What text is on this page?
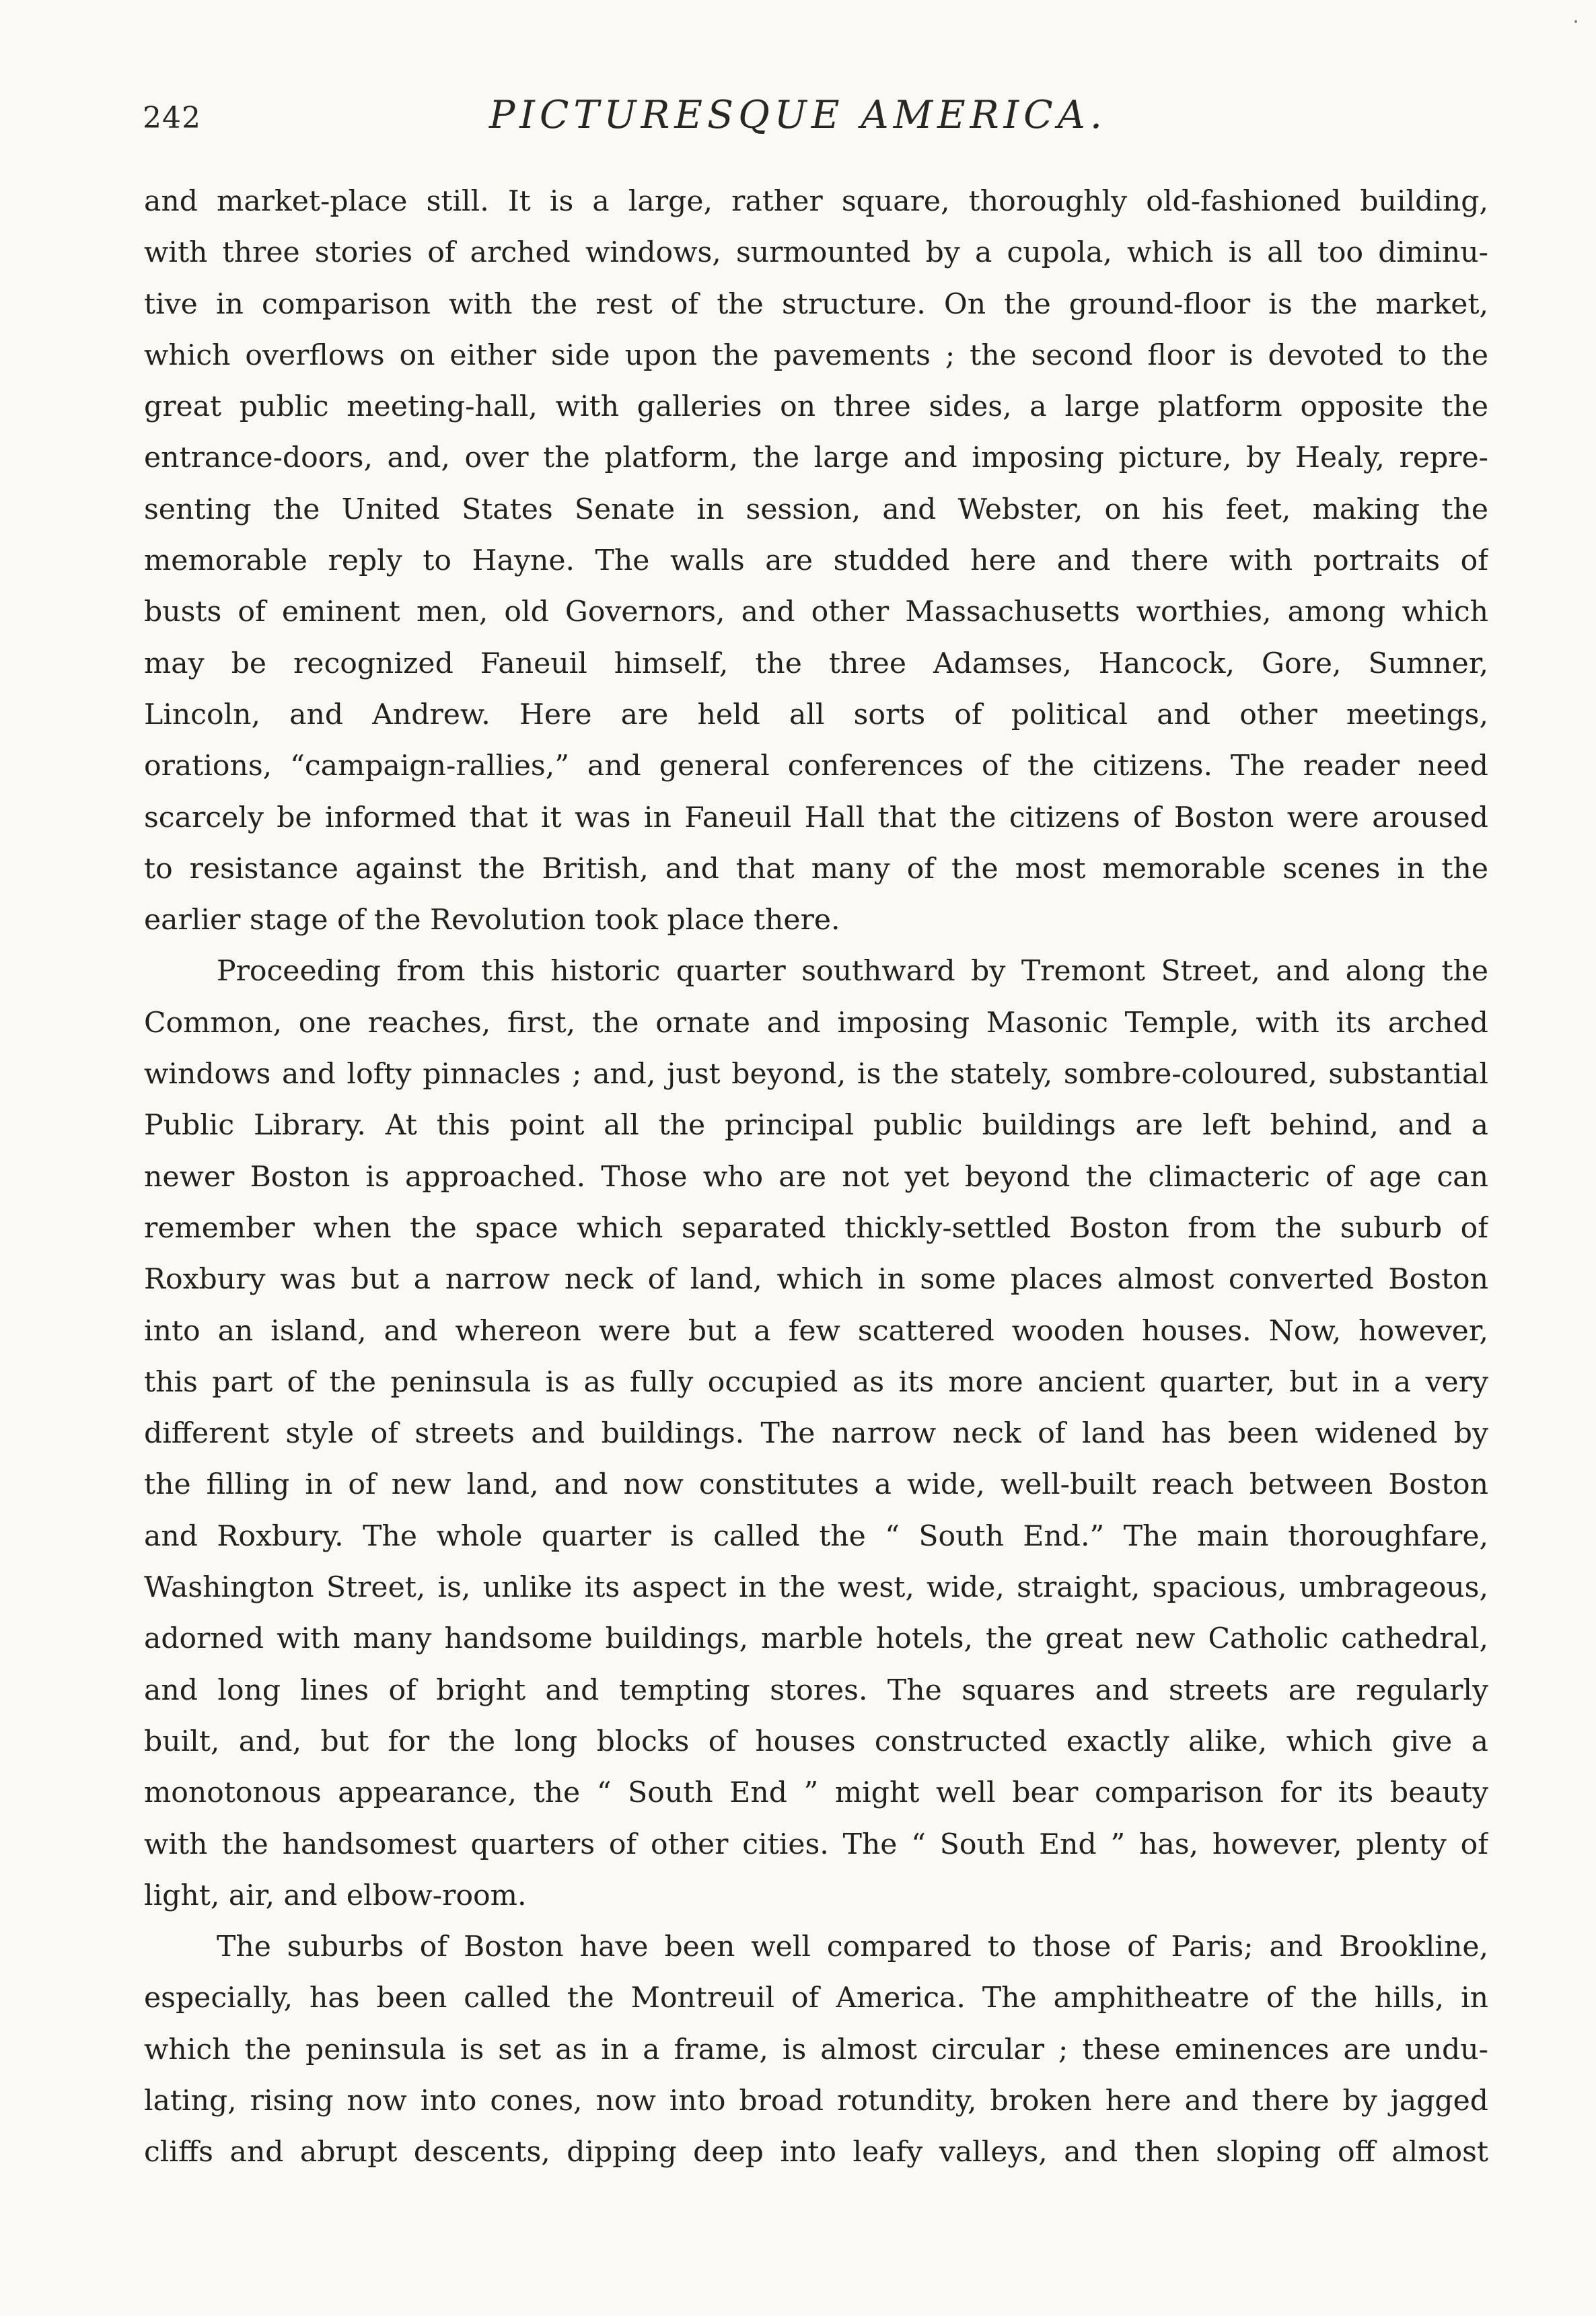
242	PICTURESQUE AMERICA.
and market-place still. It is a large, rather square, thoroughly old-fashioned building,
with three stories of arched windows, surmounted by a cupola, which is all too diminu-
tive in comparison with the rest of the structure. On the ground-floor is the market,
which overflows on either side upon the pavements ; the second floor is devoted to the
great public meeting-hall, with galleries on three sides, a large platform opposite the
entrance-doors, and, over the platform, the large and imposing picture, by Healy, repre-
senting the United States Senate in session, and Webster, on his feet, making the
memorable reply to Hayne. The walls are studded here and there with portraits of
busts of eminent men, old Governors, and other Massachusetts worthies, among which
may be recognized Faneuil himself, the three Adamses, Hancock, Gore, Sumner,
Lincoln, and Andrew. Here are held all sorts of political and other meetings,
orations, “campaign-rallies,” and general conferences of the citizens. The reader need
scarcely be informed that it was in Faneuil Hall that the citizens of Boston were aroused
to resistance against the British, and that many of the most memorable scenes in the
earlier stage of the Revolution took place there.
Proceeding from this historic quarter southward by Tremont Street, and along the
Common, one reaches, first, the ornate and imposing Masonic Temple, with its arched
windows and lofty pinnacles ; and, just beyond, is the stately, sombre-coloured, substantial
Public Library. At this point all the principal public buildings are left behind, and a
newer Boston is approached. Those who are not yet beyond the climacteric of age can
remember when the space which separated thickly-settled Boston from the suburb of
Roxbury was but a narrow neck of land, which in some places almost converted Boston
into an island, and whereon were but a few scattered wooden houses. Now, however,
this part of the peninsula is as fully occupied as its more ancient quarter, but in a very
different style of streets and buildings. The narrow neck of land has been widened by
the filling in of new land, and now constitutes a wide, well-built reach between Boston
and Roxbury. The whole quarter is called the “ South End.” The main thoroughfare,
Washington Street, is, unlike its aspect in the west, wide, straight, spacious, umbrageous,
adorned with many handsome buildings, marble hotels, the great new Catholic cathedral,
and long lines of bright and tempting stores. The squares and streets are regularly
built, and, but for the long blocks of houses constructed exactly alike, which give a
monotonous appearance, the “ South End ” might well bear comparison for its beauty
with the handsomest quarters of other cities. The “ South End ” has, however, plenty of
light, air, and elbow-room.
The suburbs of Boston have been well compared to those of Paris; and Brookline,
especially, has been called the Montreuil of America. The amphitheatre of the hills, in
which the peninsula is set as in a frame, is almost circular ; these eminences are undu-
lating, rising now into cones, now into broad rotundity, broken here and there by jagged
cliffs and abrupt descents, dipping deep into leafy valleys, and then sloping off almost
